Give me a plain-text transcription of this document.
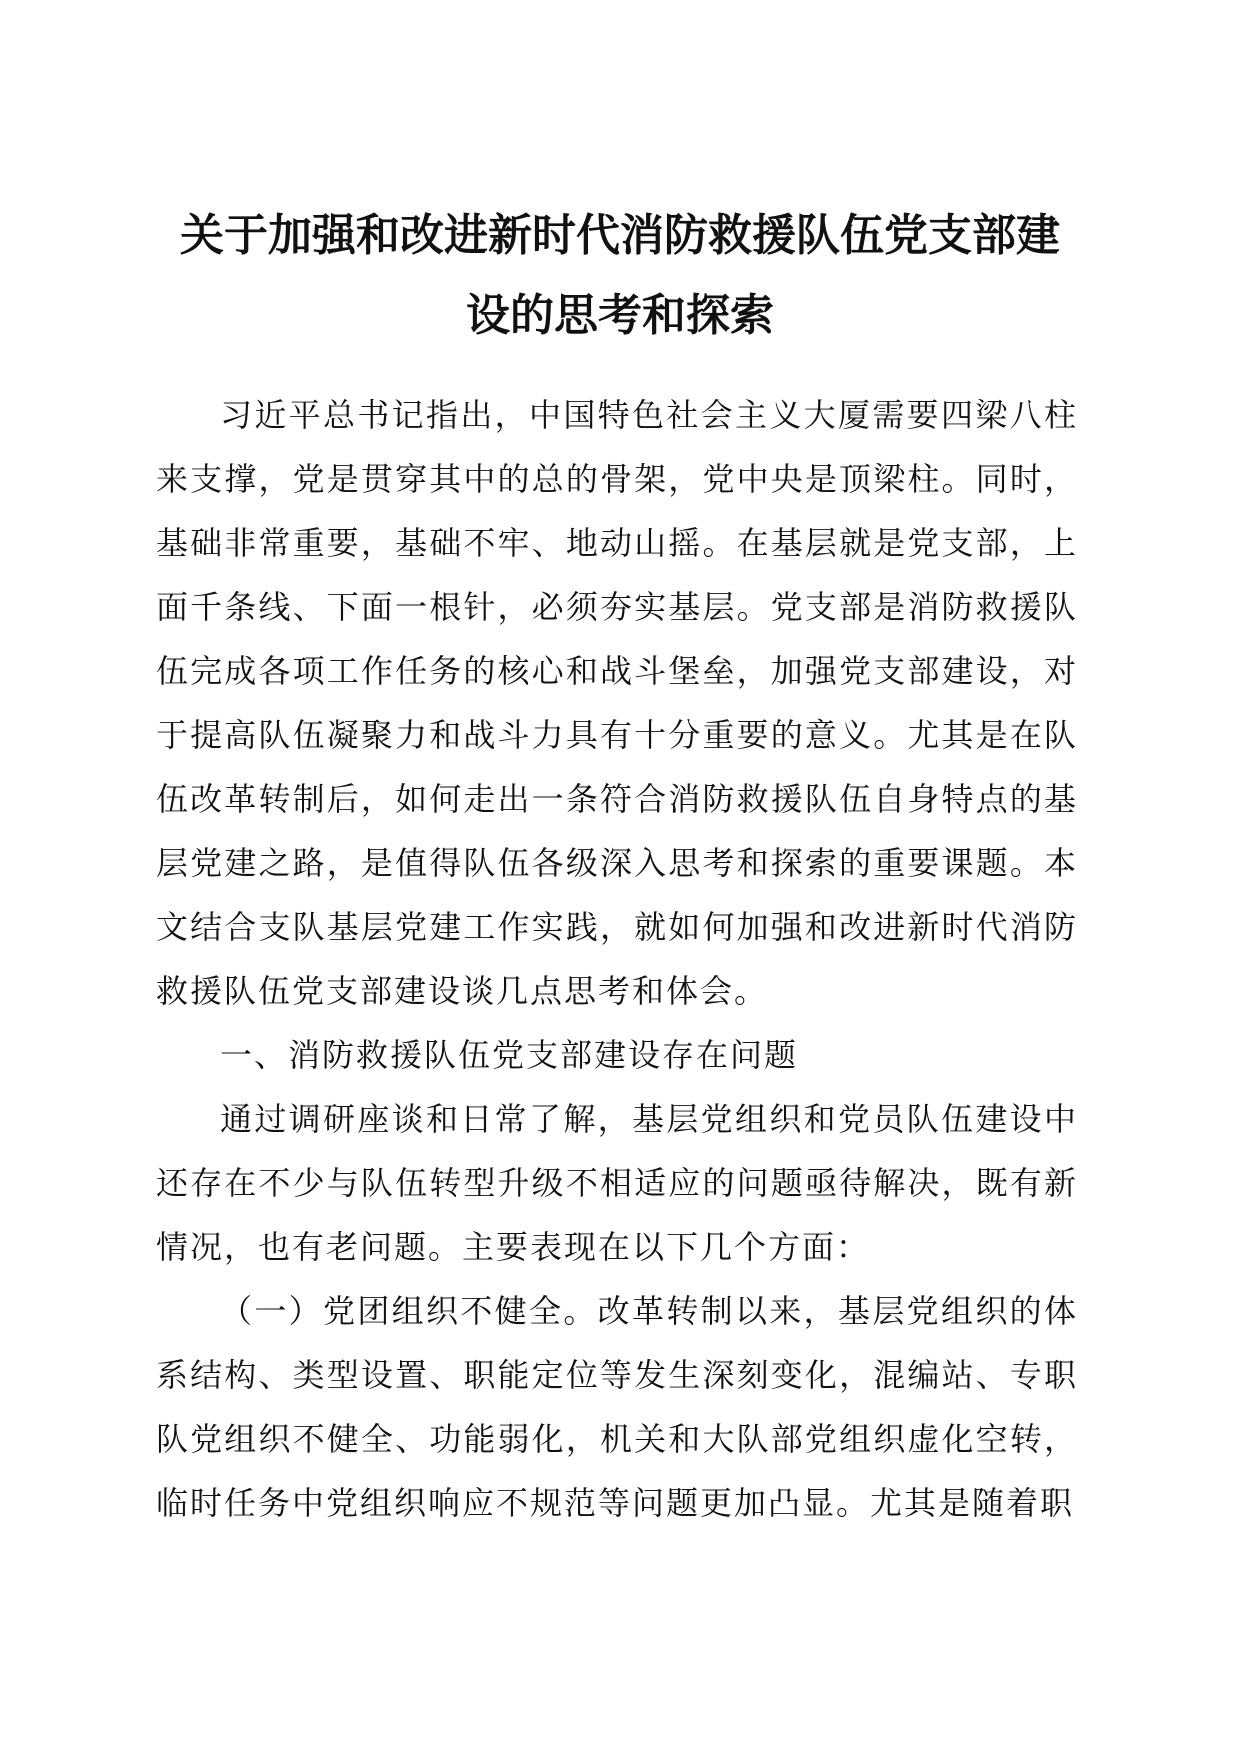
关于加强和改进新时代消防救援队伍党支部建
设的思考和探索

习近平总书记指出，中国特色社会主义大厦需要四梁八柱来支撑，党是贯穿其中的总的骨架，党中央是顶梁柱。同时，基础非常重要，基础不牢、地动山摇。在基层就是党支部，上面千条线、下面一根针，必须夯实基层。党支部是消防救援队伍完成各项工作任务的核心和战斗堡垒，加强党支部建设，对于提高队伍凝聚力和战斗力具有十分重要的意义。尤其是在队伍改革转制后，如何走出一条符合消防救援队伍自身特点的基层党建之路，是值得队伍各级深入思考和探索的重要课题。本文结合支队基层党建工作实践，就如何加强和改进新时代消防救援队伍党支部建设谈几点思考和体会。

一、消防救援队伍党支部建设存在问题

通过调研座谈和日常了解，基层党组织和党员队伍建设中还存在不少与队伍转型升级不相适应的问题亟待解决，既有新情况，也有老问题。主要表现在以下几个方面：

（一）党团组织不健全。改革转制以来，基层党组织的体系结构、类型设置、职能定位等发生深刻变化，混编站、专职队党组织不健全、功能弱化，机关和大队部党组织虚化空转，临时任务中党组织响应不规范等问题更加凸显。尤其是随着职
